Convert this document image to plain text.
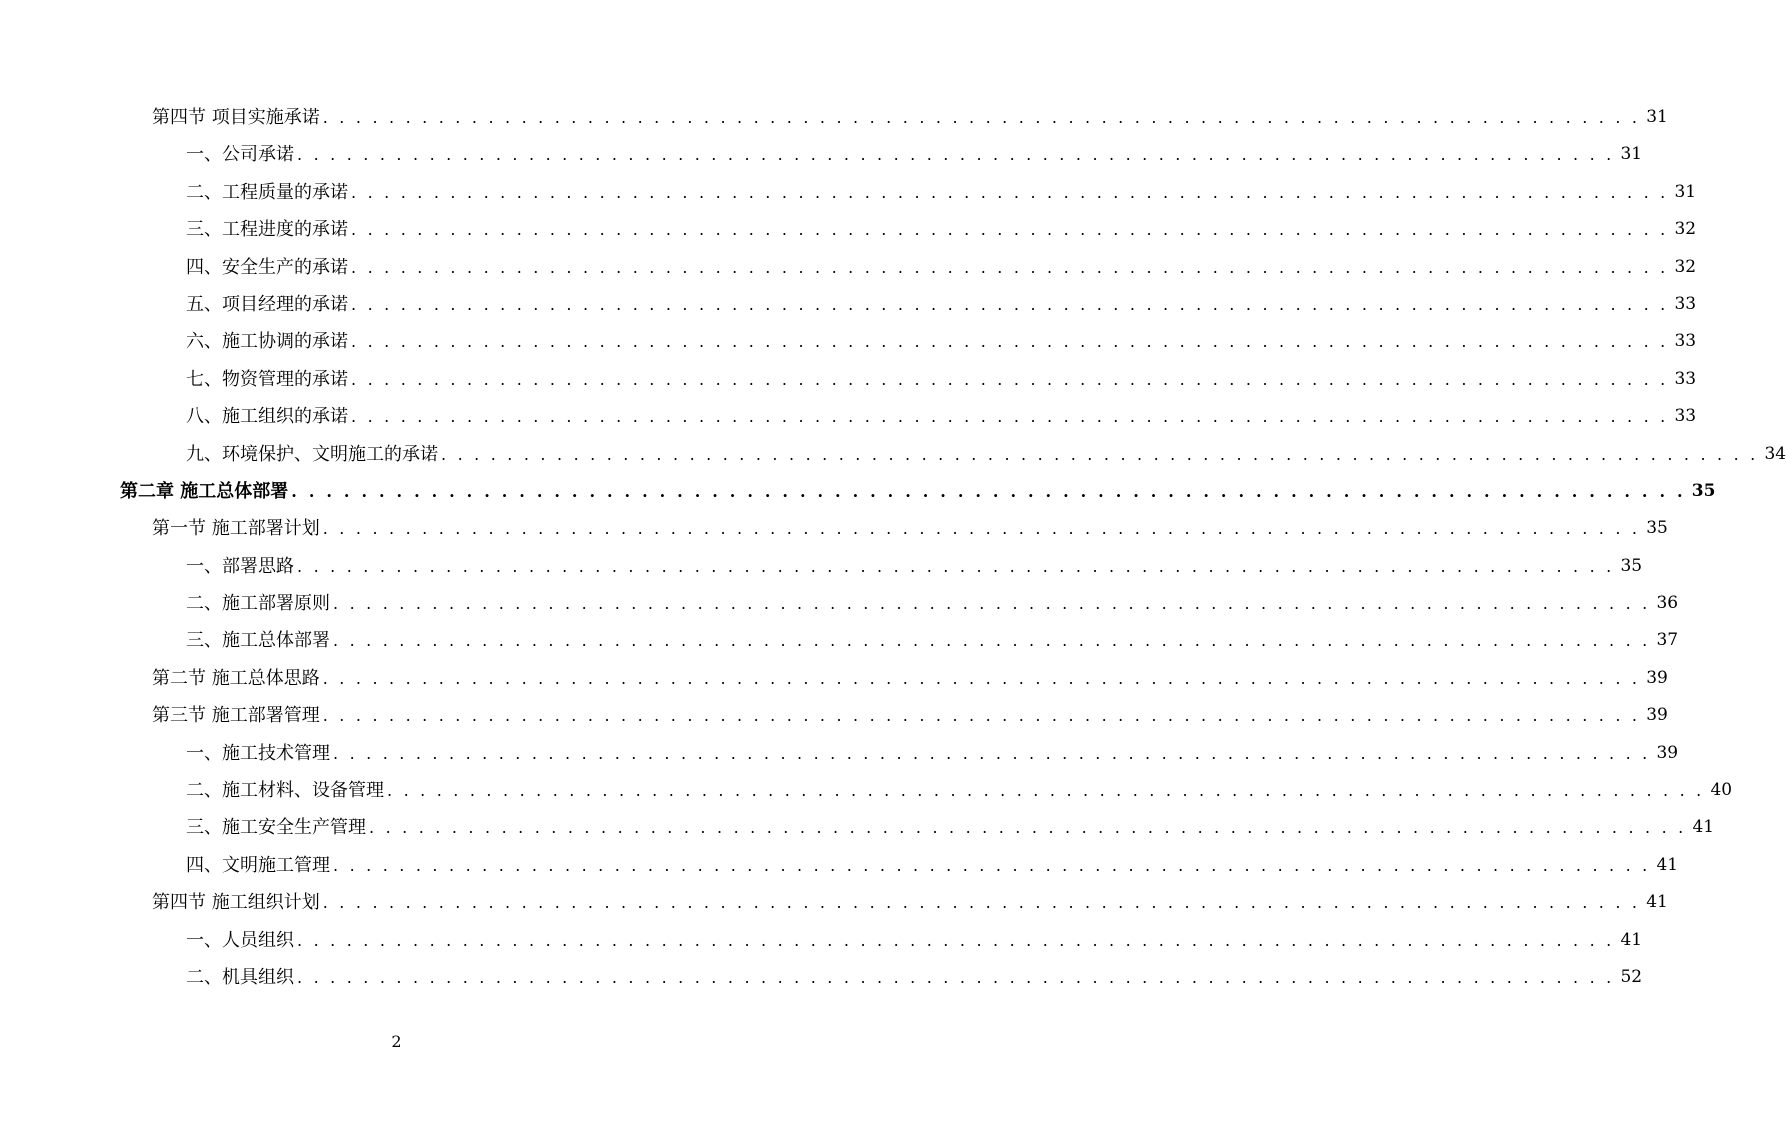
第四节 项目实施承诺 . . . . . . . . . . . . . . . . . . . . . . . . . . . . . . . . . . . . . . . . . . . . . . . . . . . . . . . . . . . . . . . . . . . . . . . . . . . . . . . . 31
一、公司承诺 . . . . . . . . . . . . . . . . . . . . . . . . . . . . . . . . . . . . . . . . . . . . . . . . . . . . . . . . . . . . . . . . . . . . . . . . . . . . . . . . 31
二、工程质量的承诺 . . . . . . . . . . . . . . . . . . . . . . . . . . . . . . . . . . . . . . . . . . . . . . . . . . . . . . . . . . . . . . . . . . . . . . . . . . . . . . . . 31
三、工程进度的承诺 . . . . . . . . . . . . . . . . . . . . . . . . . . . . . . . . . . . . . . . . . . . . . . . . . . . . . . . . . . . . . . . . . . . . . . . . . . . . . . . . 32
四、安全生产的承诺 . . . . . . . . . . . . . . . . . . . . . . . . . . . . . . . . . . . . . . . . . . . . . . . . . . . . . . . . . . . . . . . . . . . . . . . . . . . . . . . . 32
五、项目经理的承诺 . . . . . . . . . . . . . . . . . . . . . . . . . . . . . . . . . . . . . . . . . . . . . . . . . . . . . . . . . . . . . . . . . . . . . . . . . . . . . . . . 33
六、施工协调的承诺 . . . . . . . . . . . . . . . . . . . . . . . . . . . . . . . . . . . . . . . . . . . . . . . . . . . . . . . . . . . . . . . . . . . . . . . . . . . . . . . . 33
七、物资管理的承诺 . . . . . . . . . . . . . . . . . . . . . . . . . . . . . . . . . . . . . . . . . . . . . . . . . . . . . . . . . . . . . . . . . . . . . . . . . . . . . . . . 33
八、施工组织的承诺 . . . . . . . . . . . . . . . . . . . . . . . . . . . . . . . . . . . . . . . . . . . . . . . . . . . . . . . . . . . . . . . . . . . . . . . . . . . . . . . . 33
九、环境保护、文明施工的承诺 . . . . . . . . . . . . . . . . . . . . . . . . . . . . . . . . . . . . . . . . . . . . . . . . . . . . . . . . . . . . . . . . . . . . . . . . . . . . . . . . 34
第二章 施工总体部署 . . . . . . . . . . . . . . . . . . . . . . . . . . . . . . . . . . . . . . . . . . . . . . . . . . . . . . . . . . . . . . . . . . . . . . . . . . . . . . . . 35
第一节 施工部署计划 . . . . . . . . . . . . . . . . . . . . . . . . . . . . . . . . . . . . . . . . . . . . . . . . . . . . . . . . . . . . . . . . . . . . . . . . . . . . . . . . 35
一、部署思路 . . . . . . . . . . . . . . . . . . . . . . . . . . . . . . . . . . . . . . . . . . . . . . . . . . . . . . . . . . . . . . . . . . . . . . . . . . . . . . . . 35
二、施工部署原则 . . . . . . . . . . . . . . . . . . . . . . . . . . . . . . . . . . . . . . . . . . . . . . . . . . . . . . . . . . . . . . . . . . . . . . . . . . . . . . . . 36
三、施工总体部署 . . . . . . . . . . . . . . . . . . . . . . . . . . . . . . . . . . . . . . . . . . . . . . . . . . . . . . . . . . . . . . . . . . . . . . . . . . . . . . . . 37
第二节 施工总体思路 . . . . . . . . . . . . . . . . . . . . . . . . . . . . . . . . . . . . . . . . . . . . . . . . . . . . . . . . . . . . . . . . . . . . . . . . . . . . . . . . 39
第三节 施工部署管理 . . . . . . . . . . . . . . . . . . . . . . . . . . . . . . . . . . . . . . . . . . . . . . . . . . . . . . . . . . . . . . . . . . . . . . . . . . . . . . . . 39
一、施工技术管理 . . . . . . . . . . . . . . . . . . . . . . . . . . . . . . . . . . . . . . . . . . . . . . . . . . . . . . . . . . . . . . . . . . . . . . . . . . . . . . . . 39
二、施工材料、设备管理 . . . . . . . . . . . . . . . . . . . . . . . . . . . . . . . . . . . . . . . . . . . . . . . . . . . . . . . . . . . . . . . . . . . . . . . . . . . . . . . . 40
三、施工安全生产管理 . . . . . . . . . . . . . . . . . . . . . . . . . . . . . . . . . . . . . . . . . . . . . . . . . . . . . . . . . . . . . . . . . . . . . . . . . . . . . . . . 41
四、文明施工管理 . . . . . . . . . . . . . . . . . . . . . . . . . . . . . . . . . . . . . . . . . . . . . . . . . . . . . . . . . . . . . . . . . . . . . . . . . . . . . . . . 41
第四节 施工组织计划 . . . . . . . . . . . . . . . . . . . . . . . . . . . . . . . . . . . . . . . . . . . . . . . . . . . . . . . . . . . . . . . . . . . . . . . . . . . . . . . . 41
一、人员组织 . . . . . . . . . . . . . . . . . . . . . . . . . . . . . . . . . . . . . . . . . . . . . . . . . . . . . . . . . . . . . . . . . . . . . . . . . . . . . . . . 41
二、机具组织 . . . . . . . . . . . . . . . . . . . . . . . . . . . . . . . . . . . . . . . . . . . . . . . . . . . . . . . . . . . . . . . . . . . . . . . . . . . . . . . . 52
2
